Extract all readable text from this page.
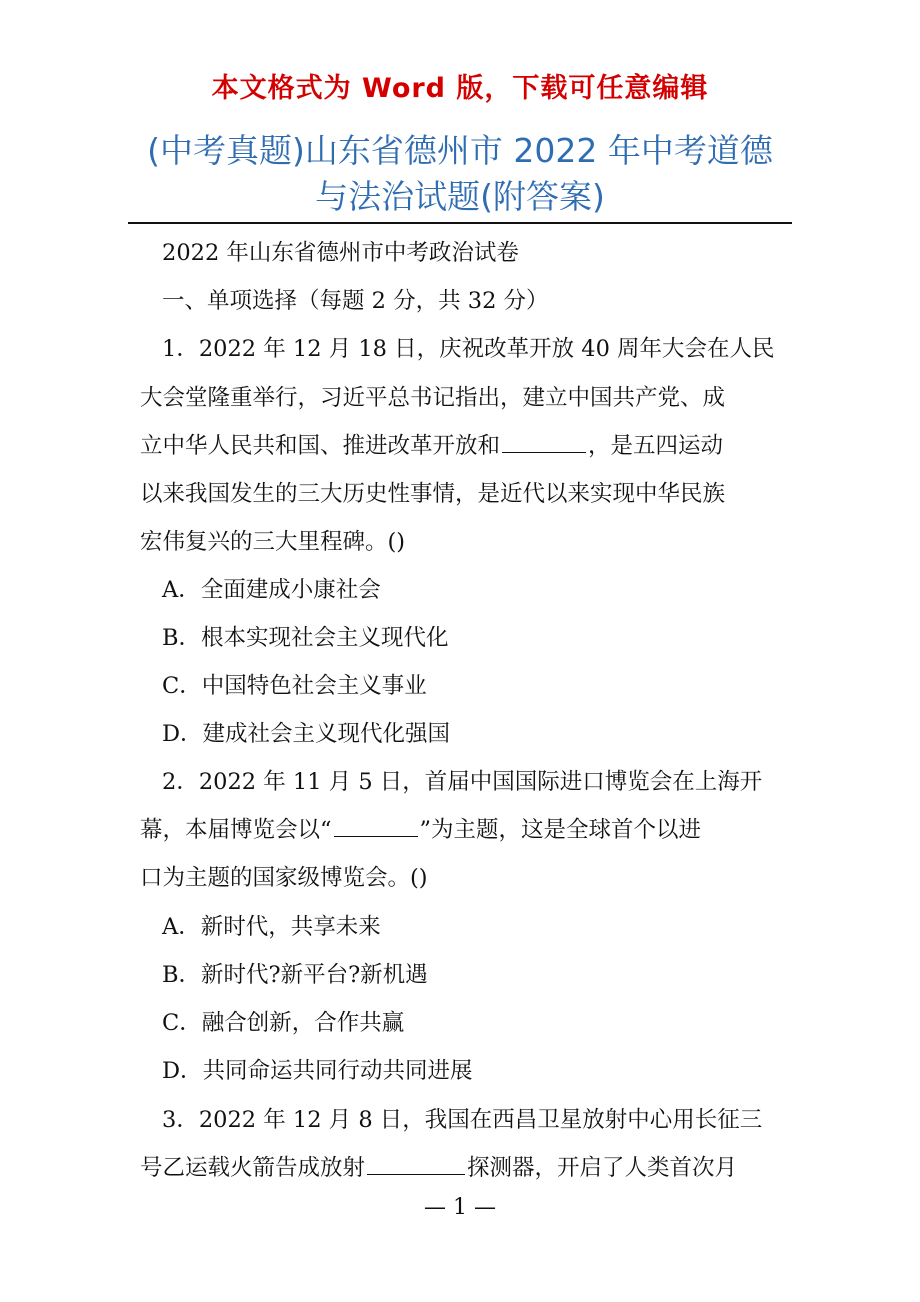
本文格式为 Word 版，下载可任意编辑
(中考真题)山东省德州市 2022 年中考道德
与法治试题(附答案)
2022 年山东省德州市中考政治试卷
一、单项选择（每题 2 分，共 32 分）
1．2022 年 12 月 18 日，庆祝改革开放 40 周年大会在人民
大会堂隆重举行，习近平总书记指出，建立中国共产党、成
立中华人民共和国、推进改革开放和	，是五四运动
以来我国发生的三大历史性事情，是近代以来实现中华民族
宏伟复兴的三大里程碑。()
A．全面建成小康社会
B．根本实现社会主义现代化
C．中国特色社会主义事业
D．建成社会主义现代化强国
2．2022 年 11 月 5 日，首届中国国际进口博览会在上海开
幕，本届博览会以“	”为主题，这是全球首个以进
口为主题的国家级博览会。()
A．新时代，共享未来
B．新时代?新平台?新机遇
C．融合创新，合作共赢
D．共同命运共同行动共同进展
3．2022 年 12 月 8 日，我国在西昌卫星放射中心用长征三
号乙运载火箭告成放射	探测器，开启了人类首次月
— 1 —
